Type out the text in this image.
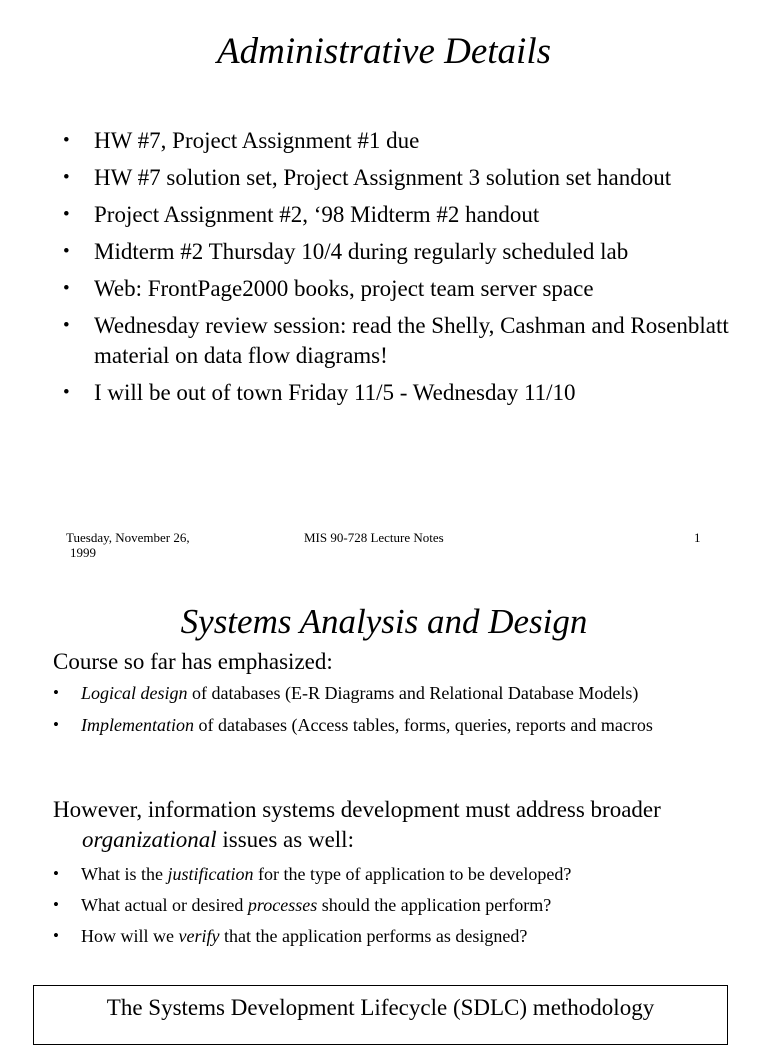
Administrative Details
• HW #7, Project Assignment #1 due
• HW #7 solution set, Project Assignment 3 solution set handout
• Project Assignment #2, ‘98 Midterm #2 handout
• Midterm #2 Thursday 10/4 during regularly scheduled lab
• Web: FrontPage2000 books, project team server space
• Wednesday review session: read the Shelly, Cashman and Rosenblatt material on data flow diagrams!
• I will be out of town Friday 11/5 - Wednesday 11/10
Tuesday, November 26,
1999
MIS 90-728 Lecture Notes	1
Systems Analysis and Design
Course so far has emphasized:
• Logical design of databases (E-R Diagrams and Relational Database Models)
• Implementation of databases (Access tables, forms, queries, reports and macros
However, information systems development must address broader
organizational issues as well:
• What is the justification for the type of application to be developed?
• What actual or desired processes should the application perform?
• How will we verify that the application performs as designed?
The Systems Development Lifecycle (SDLC) methodology
